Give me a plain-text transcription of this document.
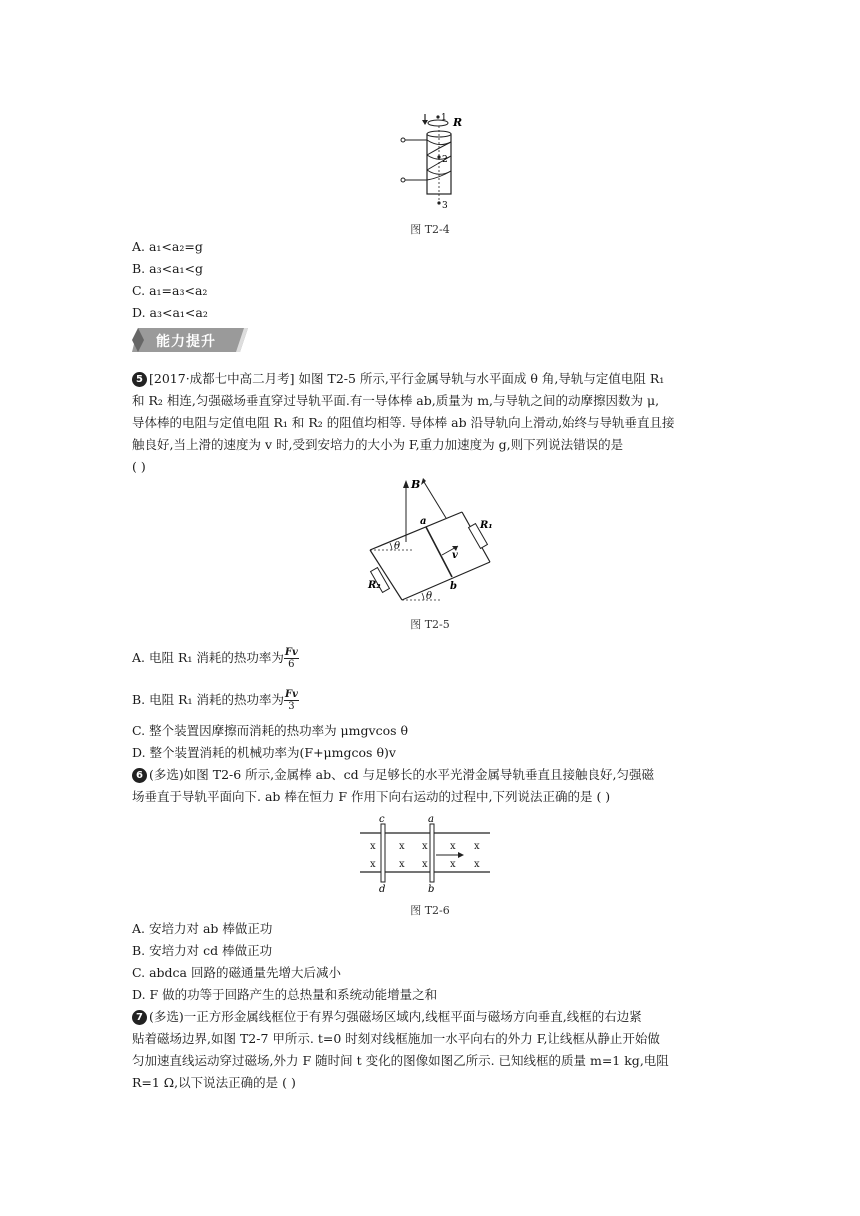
R
1
2
3
图 T2-4
A. a₁<a₂=g
B. a₃<a₁<g
C. a₁=a₃<a₂
D. a₃<a₁<a₂
能力提升
5 [2017·成都七中高二月考] 如图 T2-5 所示,平行金属导轨与水平面成 θ 角,导轨与定值电阻 R₁
和 R₂ 相连,匀强磁场垂直穿过导轨平面.有一导体棒 ab,质量为 m,与导轨之间的动摩擦因数为 μ,
导体棒的电阻与定值电阻 R₁ 和 R₂ 的阻值均相等. 导体棒 ab 沿导轨向上滑动,始终与导轨垂直且接
触良好,当上滑的速度为 v 时,受到安培力的大小为 F,重力加速度为 g,则下列说法错误的是
( )
B
a
b
v
R₁
R₂
θ
θ
图 T2-5
A. 电阻 R₁ 消耗的热功率为 $\frac{Fv}{6}$
B. 电阻 R₁ 消耗的热功率为 $\frac{Fv}{3}$
C. 整个装置因摩擦而消耗的热功率为 μmgvcos θ
D. 整个装置消耗的机械功率为(F+μmgcos θ)v
6 (多选)如图 T2-6 所示,金属棒 ab、cd 与足够长的水平光滑金属导轨垂直且接触良好,匀强磁
场垂直于导轨平面向下. ab 棒在恒力 F 作用下向右运动的过程中,下列说法正确的是 ( )
x x x x x
x x x x x
c	a
d	b
图 T2-6
A. 安培力对 ab 棒做正功
B. 安培力对 cd 棒做正功
C. abdca 回路的磁通量先增大后减小
D. F 做的功等于回路产生的总热量和系统动能增量之和
7 (多选)一正方形金属线框位于有界匀强磁场区域内,线框平面与磁场方向垂直,线框的右边紧
贴着磁场边界,如图 T2-7 甲所示. t=0 时刻对线框施加一水平向右的外力 F,让线框从静止开始做
匀加速直线运动穿过磁场,外力 F 随时间 t 变化的图像如图乙所示. 已知线框的质量 m=1 kg,电阻
R=1 Ω,以下说法正确的是 ( )
